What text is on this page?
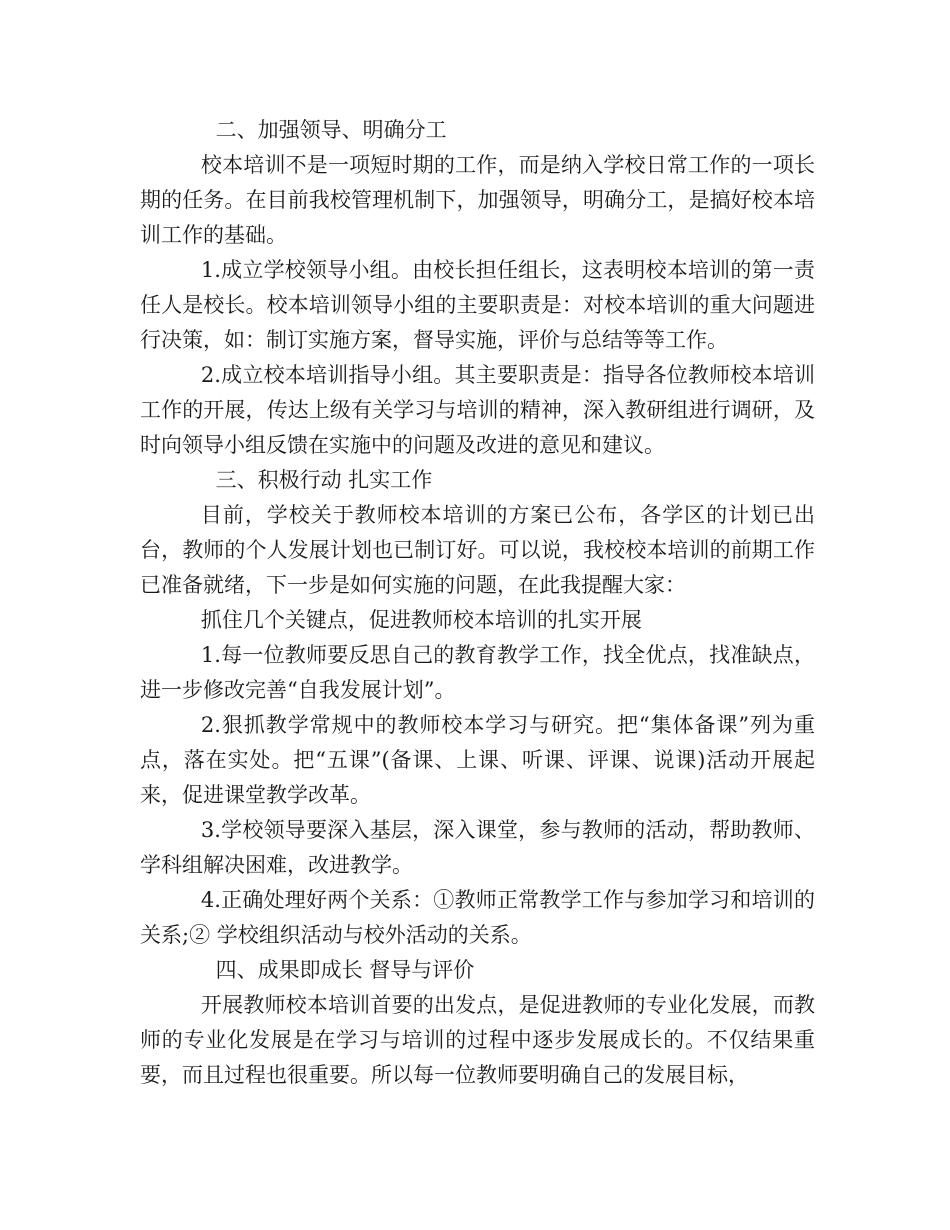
二、加强领导、明确分工

校本培训不是一项短时期的工作，而是纳入学校日常工作的一项长期的任务。在目前我校管理机制下，加强领导，明确分工，是搞好校本培训工作的基础。

1.成立学校领导小组。由校长担任组长，这表明校本培训的第一责任人是校长。校本培训领导小组的主要职责是：对校本培训的重大问题进行决策，如：制订实施方案，督导实施，评价与总结等等工作。

2.成立校本培训指导小组。其主要职责是：指导各位教师校本培训工作的开展，传达上级有关学习与培训的精神，深入教研组进行调研，及时向领导小组反馈在实施中的问题及改进的意见和建议。

三、积极行动 扎实工作

目前，学校关于教师校本培训的方案已公布，各学区的计划已出台，教师的个人发展计划也已制订好。可以说，我校校本培训的前期工作已准备就绪，下一步是如何实施的问题，在此我提醒大家：

抓住几个关键点，促进教师校本培训的扎实开展

1.每一位教师要反思自己的教育教学工作，找全优点，找准缺点，进一步修改完善“自我发展计划”。

2.狠抓教学常规中的教师校本学习与研究。把“集体备课”列为重点，落在实处。把“五课”(备课、上课、听课、评课、说课)活动开展起来，促进课堂教学改革。

3.学校领导要深入基层，深入课堂，参与教师的活动，帮助教师、学科组解决困难，改进教学。

4.正确处理好两个关系：①教师正常教学工作与参加学习和培训的关系;② 学校组织活动与校外活动的关系。

四、成果即成长 督导与评价

开展教师校本培训首要的出发点，是促进教师的专业化发展，而教师的专业化发展是在学习与培训的过程中逐步发展成长的。不仅结果重要，而且过程也很重要。所以每一位教师要明确自己的发展目标，
